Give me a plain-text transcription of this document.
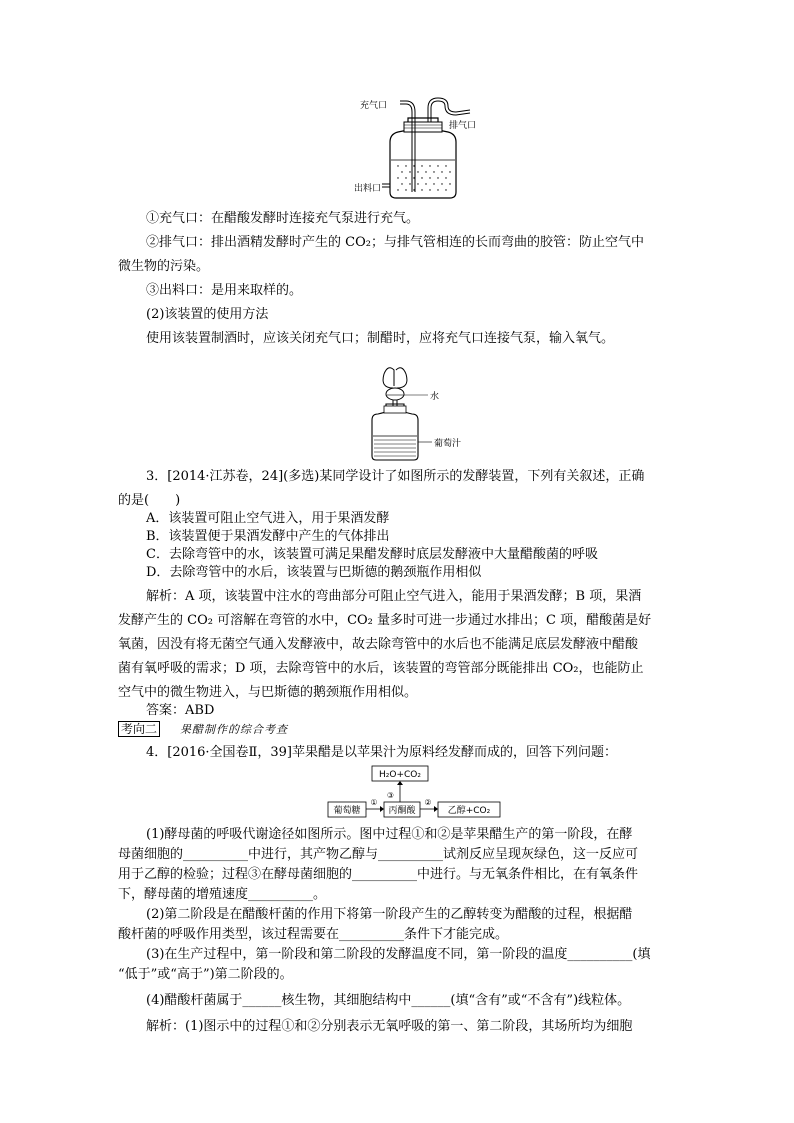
充气口
排气口
出料口
①充气口：在醋酸发酵时连接充气泵进行充气。
②排气口：排出酒精发酵时产生的 CO₂；与排气管相连的长而弯曲的胶管：防止空气中
微生物的污染。
③出料口：是用来取样的。
(2)该装置的使用方法
使用该装置制酒时，应该关闭充气口；制醋时，应将充气口连接气泵，输入氧气。
水
葡萄汁
3．[2014·江苏卷，24](多选)某同学设计了如图所示的发酵装置，下列有关叙述，正确
的是(　　)
A．该装置可阻止空气进入，用于果酒发酵
B．该装置便于果酒发酵中产生的气体排出
C．去除弯管中的水，该装置可满足果醋发酵时底层发酵液中大量醋酸菌的呼吸
D．去除弯管中的水后，该装置与巴斯德的鹅颈瓶作用相似
解析：A 项，该装置中注水的弯曲部分可阻止空气进入，能用于果酒发酵；B 项，果酒
发酵产生的 CO₂ 可溶解在弯管的水中，CO₂ 量多时可进一步通过水排出；C 项，醋酸菌是好
氧菌，因没有将无菌空气通入发酵液中，故去除弯管中的水后也不能满足底层发酵液中醋酸
菌有氧呼吸的需求；D 项，去除弯管中的水后，该装置的弯管部分既能排出 CO₂，也能防止
空气中的微生物进入，与巴斯德的鹅颈瓶作用相似。
答案：ABD
考向二 果醋制作的综合考查
4．[2016·全国卷Ⅱ，39]苹果醋是以苹果汁为原料经发酵而成的，回答下列问题：
H₂O+CO₂
③
葡萄糖
①
丙酮酸
②
乙醇+CO₂
(1)酵母菌的呼吸代谢途径如图所示。图中过程①和②是苹果醋生产的第一阶段，在酵
母菌细胞的__________中进行，其产物乙醇与__________试剂反应呈现灰绿色，这一反应可
用于乙醇的检验；过程③在酵母菌细胞的__________中进行。与无氧条件相比，在有氧条件
下，酵母菌的增殖速度__________。
(2)第二阶段是在醋酸杆菌的作用下将第一阶段产生的乙醇转变为醋酸的过程，根据醋
酸杆菌的呼吸作用类型，该过程需要在__________条件下才能完成。
(3)在生产过程中，第一阶段和第二阶段的发酵温度不同，第一阶段的温度__________(填
“低于”或“高于”)第二阶段的。
(4)醋酸杆菌属于______核生物，其细胞结构中______(填“含有”或“不含有”)线粒体。
解析：(1)图示中的过程①和②分别表示无氧呼吸的第一、第二阶段，其场所均为细胞
